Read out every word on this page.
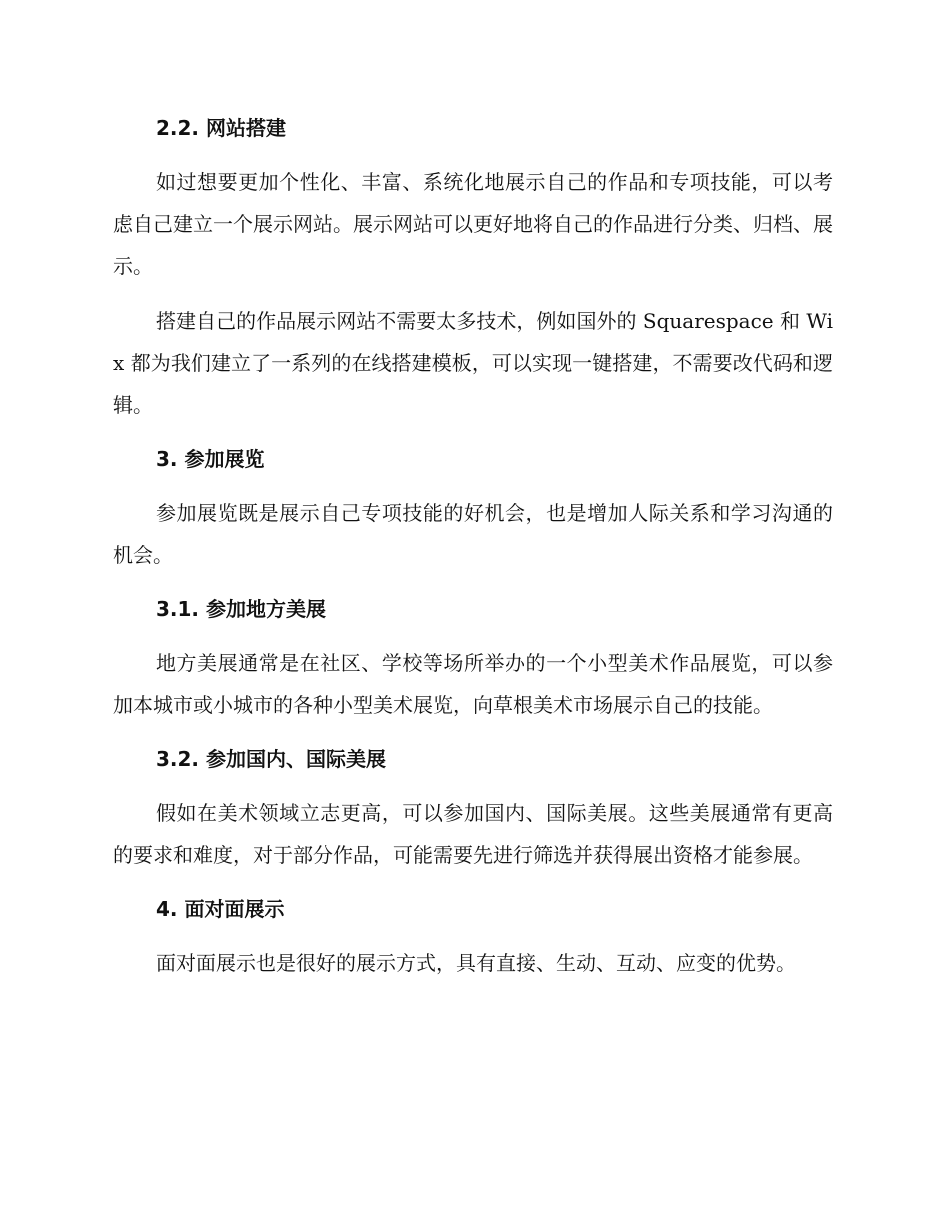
2.2. 网站搭建

如过想要更加个性化、丰富、系统化地展示自己的作品和专项技能，可以考虑自己建立一个展示网站。展示网站可以更好地将自己的作品进行分类、归档、展示。

搭建自己的作品展示网站不需要太多技术，例如国外的 Squarespace 和 Wix 都为我们建立了一系列的在线搭建模板，可以实现一键搭建，不需要改代码和逻辑。

3. 参加展览

参加展览既是展示自己专项技能的好机会，也是增加人际关系和学习沟通的机会。

3.1. 参加地方美展

地方美展通常是在社区、学校等场所举办的一个小型美术作品展览，可以参加本城市或小城市的各种小型美术展览，向草根美术市场展示自己的技能。

3.2. 参加国内、国际美展

假如在美术领域立志更高，可以参加国内、国际美展。这些美展通常有更高的要求和难度，对于部分作品，可能需要先进行筛选并获得展出资格才能参展。

4. 面对面展示

面对面展示也是很好的展示方式，具有直接、生动、互动、应变的优势。
